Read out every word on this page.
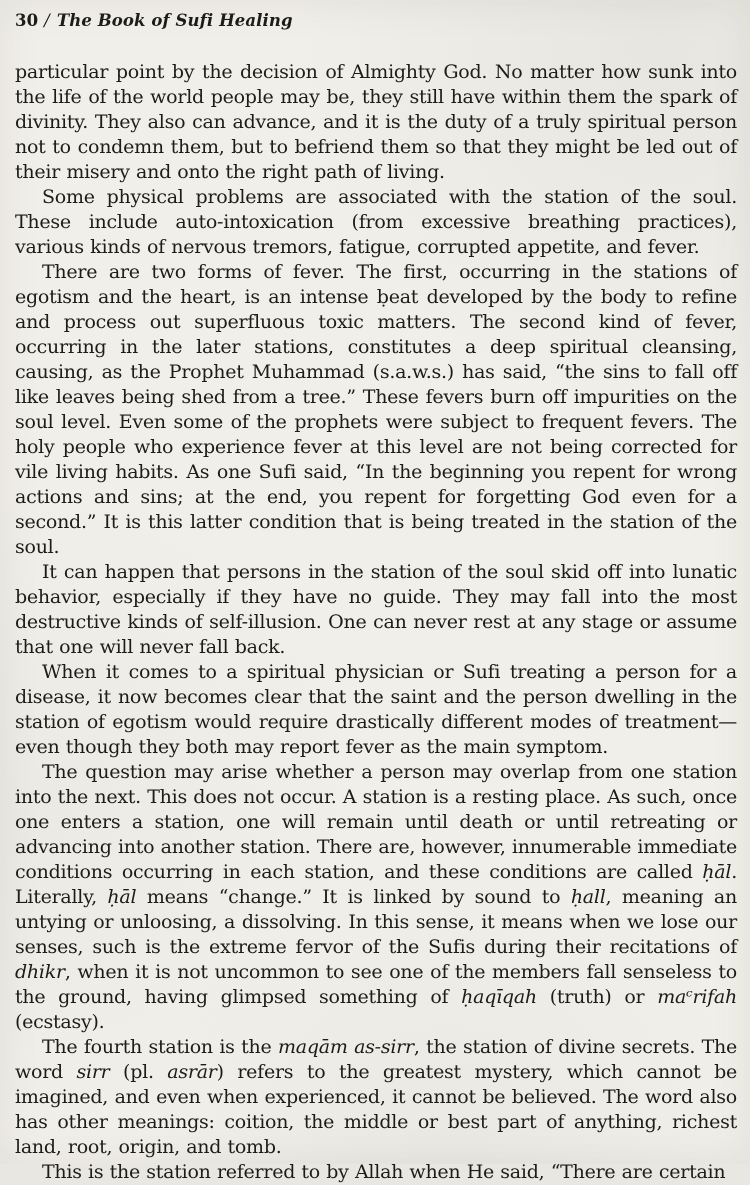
30 / The Book of Sufi Healing

particular point by the decision of Almighty God. No matter how sunk into the life of the world people may be, they still have within them the spark of divinity. They also can advance, and it is the duty of a truly spiritual person not to condemn them, but to befriend them so that they might be led out of their misery and onto the right path of living.

Some physical problems are associated with the station of the soul. These include auto-intoxication (from excessive breathing practices), various kinds of nervous tremors, fatigue, corrupted appetite, and fever.

There are two forms of fever. The first, occurring in the stations of egotism and the heart, is an intense ḅeat developed by the body to refine and process out superfluous toxic matters. The second kind of fever, occurring in the later stations, constitutes a deep spiritual cleansing, causing, as the Prophet Muhammad (s.a.w.s.) has said, “the sins to fall off like leaves being shed from a tree.” These fevers burn off impurities on the soul level. Even some of the prophets were subject to frequent fevers. The holy people who experience fever at this level are not being corrected for vile living habits. As one Sufi said, “In the beginning you repent for wrong actions and sins; at the end, you repent for forgetting God even for a second.” It is this latter condition that is being treated in the station of the soul.

It can happen that persons in the station of the soul skid off into lunatic behavior, especially if they have no guide. They may fall into the most destructive kinds of self-illusion. One can never rest at any stage or assume that one will never fall back.

When it comes to a spiritual physician or Sufi treating a person for a disease, it now becomes clear that the saint and the person dwelling in the station of egotism would require drastically different modes of treatment—even though they both may report fever as the main symptom.

The question may arise whether a person may overlap from one station into the next. This does not occur. A station is a resting place. As such, once one enters a station, one will remain until death or until retreating or advancing into another station. There are, however, innumerable immediate conditions occurring in each station, and these conditions are called ḥāl. Literally, ḥāl means “change.” It is linked by sound to ḥall, meaning an untying or unloosing, a dissolving. In this sense, it means when we lose our senses, such is the extreme fervor of the Sufis during their recitations of dhikr, when it is not uncommon to see one of the members fall senseless to the ground, having glimpsed something of ḥaqīqah (truth) or maᶜrifah (ecstasy).

The fourth station is the maqām as-sirr, the station of divine secrets. The word sirr (pl. asrār) refers to the greatest mystery, which cannot be imagined, and even when experienced, it cannot be believed. The word also has other meanings: coition, the middle or best part of anything, richest land, root, origin, and tomb.

This is the station referred to by Allah when He said, “There are certain
